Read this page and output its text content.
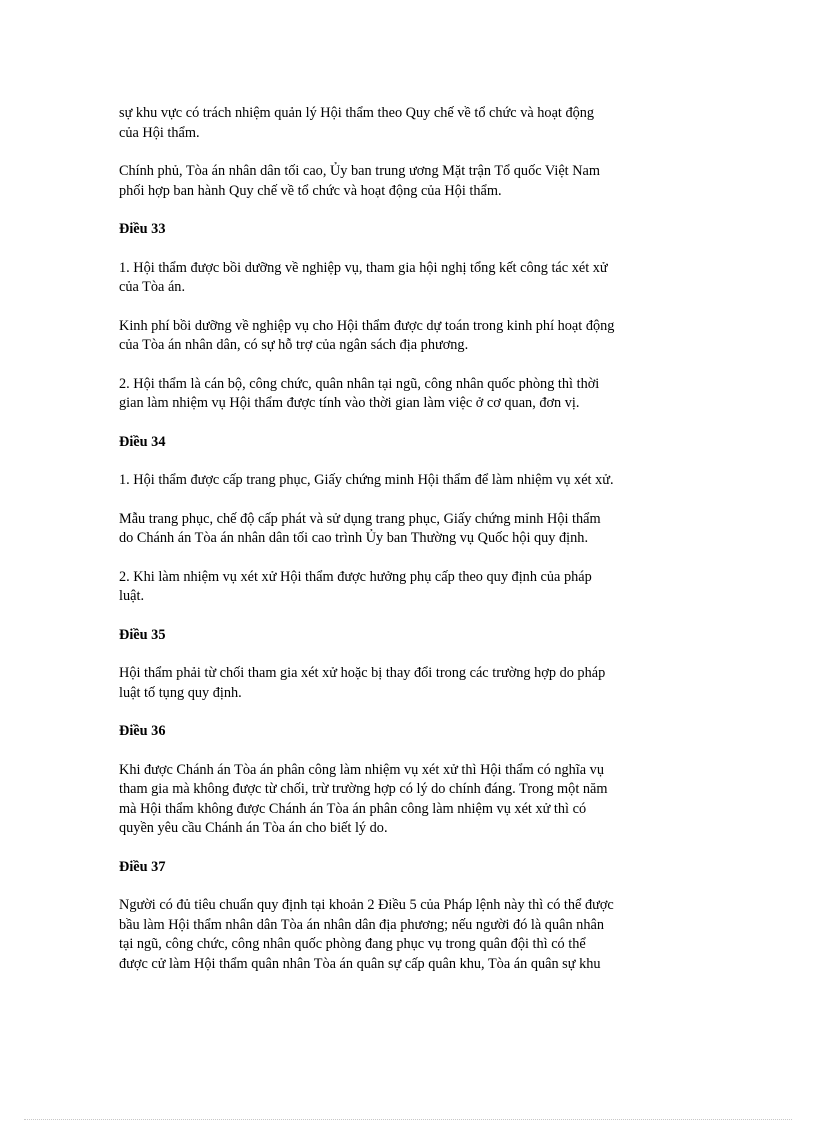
sự khu vực có trách nhiệm quản lý Hội thẩm theo Quy chế về tổ chức và hoạt động
của Hội thẩm.
Chính phủ, Tòa án nhân dân tối cao, Ủy ban trung ương Mặt trận Tổ quốc Việt Nam
phối hợp ban hành Quy chế về tổ chức và hoạt động của Hội thẩm.
Điều 33
1. Hội thẩm được bồi dưỡng về nghiệp vụ, tham gia hội nghị tổng kết công tác xét xử
của Tòa án.
Kinh phí bồi dưỡng về nghiệp vụ cho Hội thẩm được dự toán trong kinh phí hoạt động
của Tòa án nhân dân, có sự hỗ trợ của ngân sách địa phương.
2. Hội thẩm là cán bộ, công chức, quân nhân tại ngũ, công nhân quốc phòng thì thời
gian làm nhiệm vụ Hội thẩm được tính vào thời gian làm việc ở cơ quan, đơn vị.
Điều 34
1. Hội thẩm được cấp trang phục, Giấy chứng minh Hội thẩm để làm nhiệm vụ xét xử.
Mẫu trang phục, chế độ cấp phát và sử dụng trang phục, Giấy chứng minh Hội thẩm
do Chánh án Tòa án nhân dân tối cao trình Ủy ban Thường vụ Quốc hội quy định.
2. Khi làm nhiệm vụ xét xử Hội thẩm được hưởng phụ cấp theo quy định của pháp
luật.
Điều 35
Hội thẩm phải từ chối tham gia xét xử hoặc bị thay đổi trong các trường hợp do pháp
luật tố tụng quy định.
Điều 36
Khi được Chánh án Tòa án phân công làm nhiệm vụ xét xử thì Hội thẩm có nghĩa vụ
tham gia mà không được từ chối, trừ trường hợp có lý do chính đáng. Trong một năm
mà Hội thẩm không được Chánh án Tòa án phân công làm nhiệm vụ xét xử thì có
quyền yêu cầu Chánh án Tòa án cho biết lý do.
Điều 37
Người có đủ tiêu chuẩn quy định tại khoản 2 Điều 5 của Pháp lệnh này thì có thể được
bầu làm Hội thẩm nhân dân Tòa án nhân dân địa phương; nếu người đó là quân nhân
tại ngũ, công chức, công nhân quốc phòng đang phục vụ trong quân đội thì có thể
được cử làm Hội thẩm quân nhân Tòa án quân sự cấp quân khu, Tòa án quân sự khu
